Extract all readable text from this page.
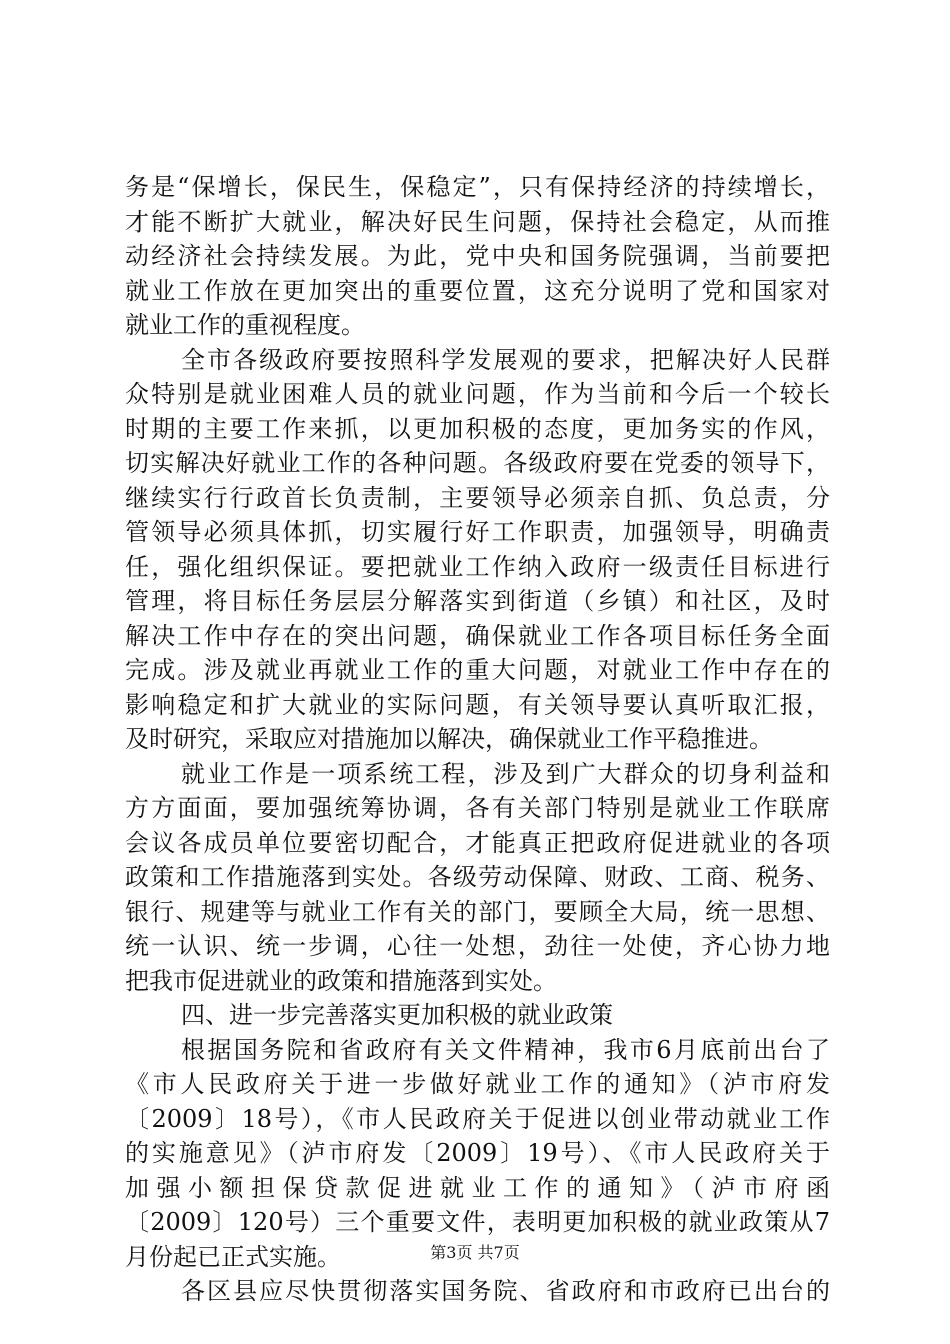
务是“保增长，保民生，保稳定”，只有保持经济的持续增长，
才能不断扩大就业，解决好民生问题，保持社会稳定，从而推
动经济社会持续发展。为此，党中央和国务院强调，当前要把
就业工作放在更加突出的重要位置，这充分说明了党和国家对
就业工作的重视程度。
全市各级政府要按照科学发展观的要求，把解决好人民群
众特别是就业困难人员的就业问题，作为当前和今后一个较长
时期的主要工作来抓，以更加积极的态度，更加务实的作风，
切实解决好就业工作的各种问题。各级政府要在党委的领导下，
继续实行行政首长负责制，主要领导必须亲自抓、负总责，分
管领导必须具体抓，切实履行好工作职责，加强领导，明确责
任，强化组织保证。要把就业工作纳入政府一级责任目标进行
管理，将目标任务层层分解落实到街道（乡镇）和社区，及时
解决工作中存在的突出问题，确保就业工作各项目标任务全面
完成。涉及就业再就业工作的重大问题，对就业工作中存在的
影响稳定和扩大就业的实际问题，有关领导要认真听取汇报，
及时研究，采取应对措施加以解决，确保就业工作平稳推进。
就业工作是一项系统工程，涉及到广大群众的切身利益和
方方面面，要加强统筹协调，各有关部门特别是就业工作联席
会议各成员单位要密切配合，才能真正把政府促进就业的各项
政策和工作措施落到实处。各级劳动保障、财政、工商、税务、
银行、规建等与就业工作有关的部门，要顾全大局，统一思想、
统一认识、统一步调，心往一处想，劲往一处使，齐心协力地
把我市促进就业的政策和措施落到实处。
四、进一步完善落实更加积极的就业政策
根据国务院和省政府有关文件精神，我市6月底前出台了
《市人民政府关于进一步做好就业工作的通知》（泸市府发
〔2009〕18号），《市人民政府关于促进以创业带动就业工作
的实施意见》（泸市府发〔2009〕19号）、《市人民政府关于
加强小额担保贷款促进就业工作的通知》（泸市府函
〔2009〕120号）三个重要文件，表明更加积极的就业政策从7
月份起已正式实施。
各区县应尽快贯彻落实国务院、省政府和市政府已出台的
第3页 共7页
